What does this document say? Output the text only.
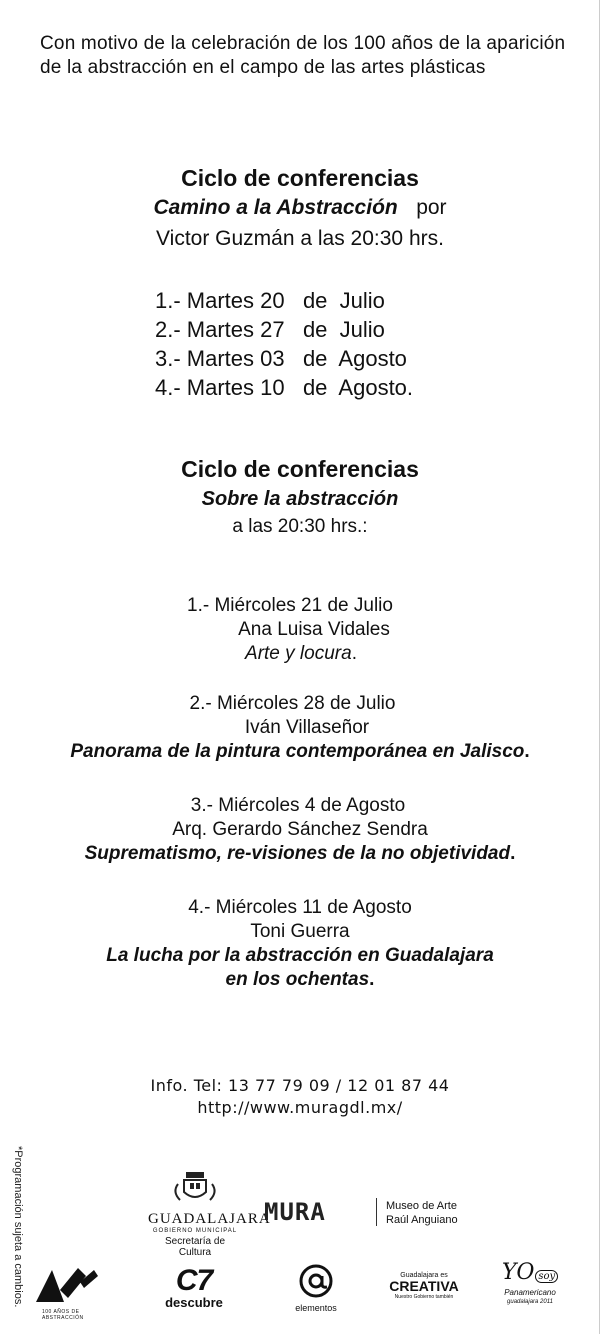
Con motivo de la celebración de los 100 años de la aparición de la abstracción en el campo de las artes plásticas
Ciclo de conferencias
Camino a la Abstracción por
Victor Guzmán a las 20:30 hrs.
1.- Martes 20   de  Julio
2.- Martes 27   de  Julio
3.- Martes 03   de  Agosto
4.- Martes 10   de  Agosto.
Ciclo de conferencias
Sobre la abstracción
a las 20:30 hrs.:
1.- Miércoles 21 de Julio
Ana Luisa Vidales
Arte y locura.
2.- Miércoles 28 de Julio
Iván Villaseñor
Panorama de la pintura contemporánea en Jalisco.
3.- Miércoles 4 de Agosto
Arq. Gerardo Sánchez Sendra
Suprematismo, re-visiones de la no objetividad.
4.- Miércoles 11 de Agosto
Toni Guerra
La lucha por la abstracción en Guadalajara
en los ochentas.
Info. Tel: 13 77 79 09 / 12 01 87 44
http://www.muragdl.mx/
*Programación sujeta a cambios.	GUADALAJARA
GOBIERNO MUNICIPAL
Secretaría de Cultura
MURA	Museo de Arte
Raúl Anguiano
100 AÑOS DE ABSTRACCIÓN
C7
descubre	elementos
Guadalajara es
CREATIVA
Nuestro Gobierno también
YO soy
Panamericano
guadalajara 2011
